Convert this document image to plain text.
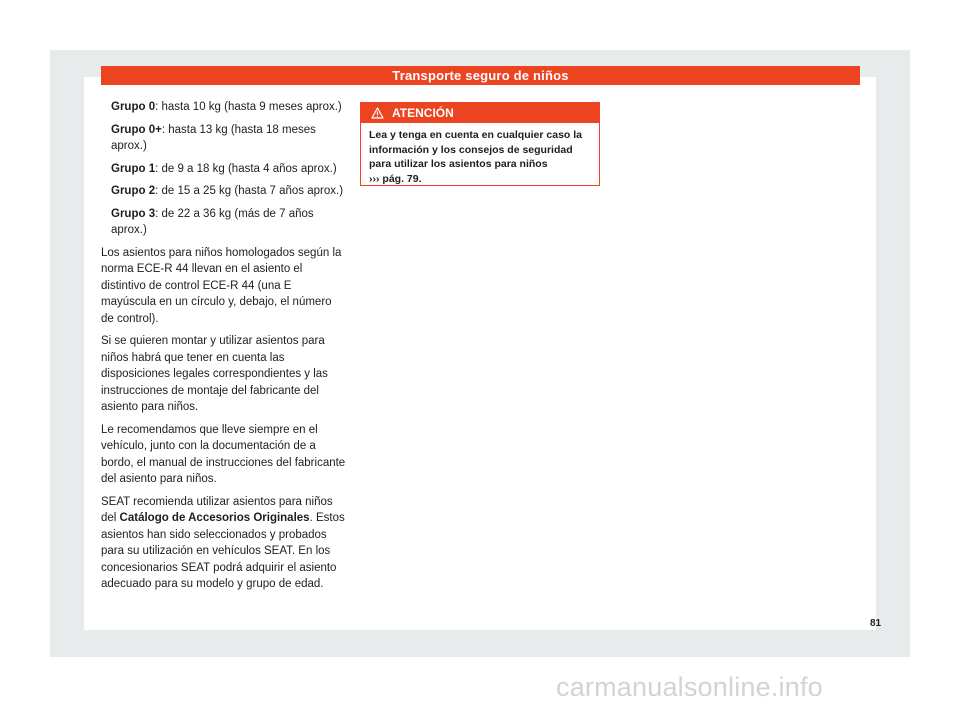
Transporte seguro de niños

Grupo 0: hasta 10 kg (hasta 9 meses aprox.)

Grupo 0+: hasta 13 kg (hasta 18 meses aprox.)

Grupo 1: de 9 a 18 kg (hasta 4 años aprox.)

Grupo 2: de 15 a 25 kg (hasta 7 años aprox.)

Grupo 3: de 22 a 36 kg (más de 7 años aprox.)

Los asientos para niños homologados según la norma ECE-R 44 llevan en el asiento el distintivo de control ECE-R 44 (una E mayúscula en un círculo y, debajo, el número de control).

Si se quieren montar y utilizar asientos para niños habrá que tener en cuenta las disposiciones legales correspondientes y las instrucciones de montaje del fabricante del asiento para niños.

Le recomendamos que lleve siempre en el vehículo, junto con la documentación de a bordo, el manual de instrucciones del fabricante del asiento para niños.

SEAT recomienda utilizar asientos para niños del Catálogo de Accesorios Originales. Estos asientos han sido seleccionados y probados para su utilización en vehículos SEAT. En los concesionarios SEAT podrá adquirir el asiento adecuado para su modelo y grupo de edad.

ATENCIÓN
Lea y tenga en cuenta en cualquier caso la información y los consejos de seguridad para utilizar los asientos para niños
››› pág. 79.
81
carmanualsonline.info
